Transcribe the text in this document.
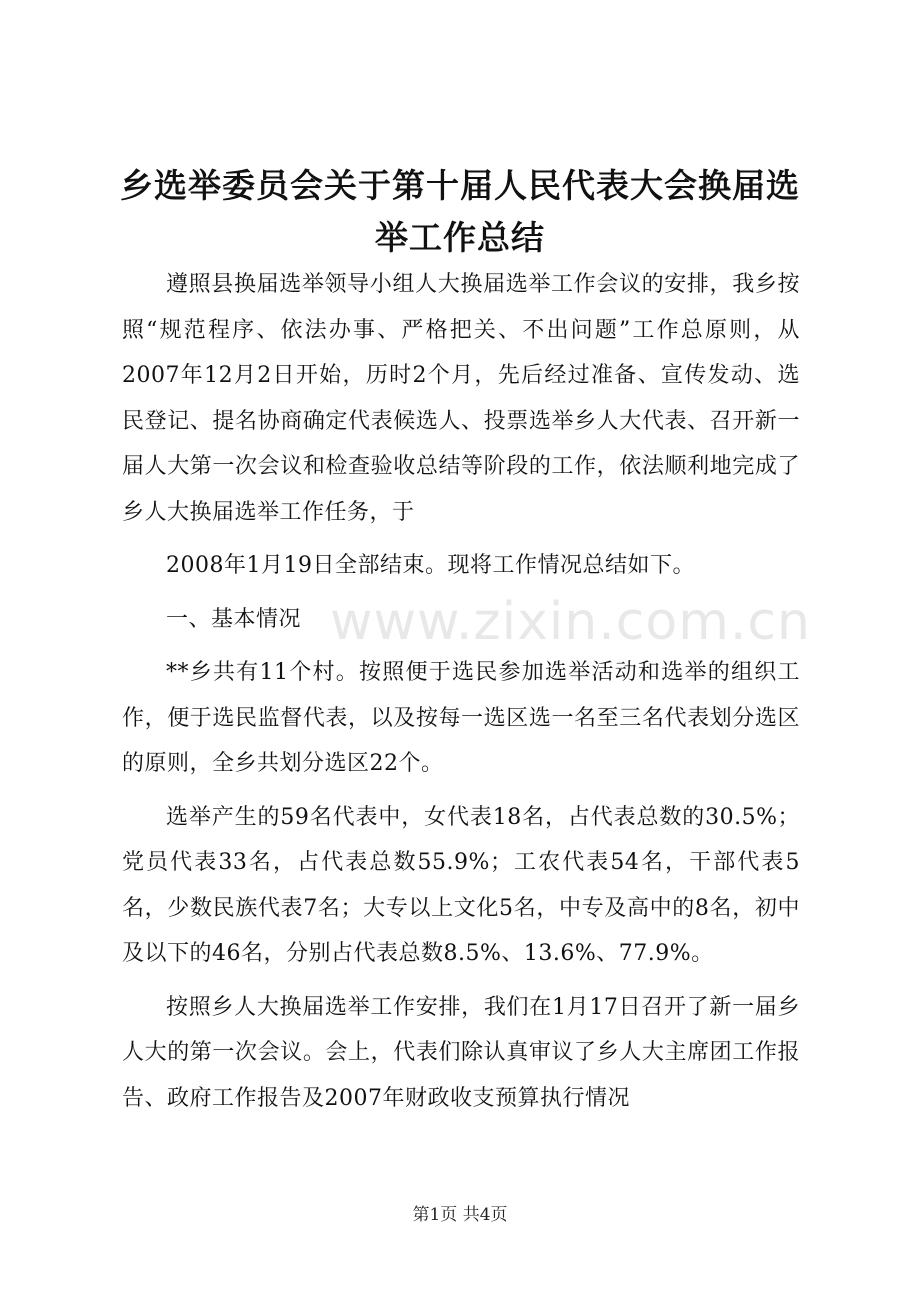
乡选举委员会关于第十届人民代表大会换届选举工作总结

遵照县换届选举领导小组人大换届选举工作会议的安排，我乡按照“规范程序、依法办事、严格把关、不出问题”工作总原则，从2007年12月2日开始，历时2个月，先后经过准备、宣传发动、选民登记、提名协商确定代表候选人、投票选举乡人大代表、召开新一届人大第一次会议和检查验收总结等阶段的工作，依法顺利地完成了乡人大换届选举工作任务，于

2008年1月19日全部结束。现将工作情况总结如下。

一、基本情况

**乡共有11个村。按照便于选民参加选举活动和选举的组织工作，便于选民监督代表，以及按每一选区选一名至三名代表划分选区的原则，全乡共划分选区22个。

选举产生的59名代表中，女代表18名，占代表总数的30.5%；党员代表33名，占代表总数55.9%；工农代表54名，干部代表5名，少数民族代表7名；大专以上文化5名，中专及高中的8名，初中及以下的46名，分别占代表总数8.5%、13.6%、77.9%。

按照乡人大换届选举工作安排，我们在1月17日召开了新一届乡人大的第一次会议。会上，代表们除认真审议了乡人大主席团工作报告、政府工作报告及2007年财政收支预算执行情况

www.zixin.com.cn
第1页 共4页
